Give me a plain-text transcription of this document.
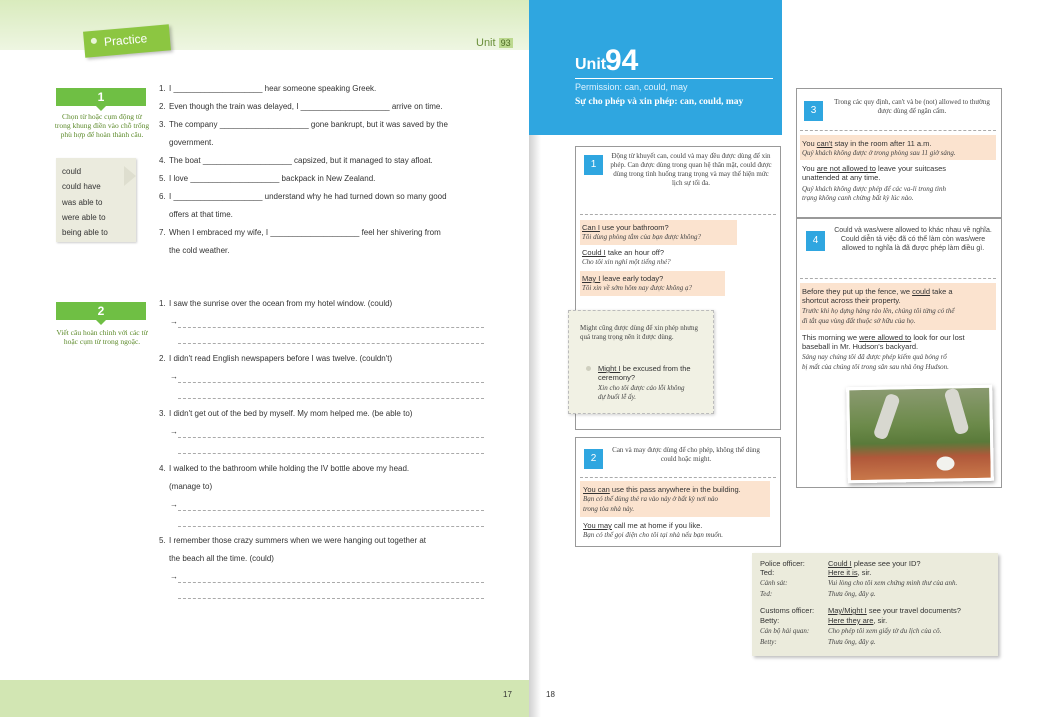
Practice	Unit 93
1
Chọn từ hoặc cụm động từ trong khung điền vào chỗ trống phù hợp để hoàn thành câu.
could
could have
was able to
were able to
being able to
1. I ____________________ hear someone speaking Greek.
2. Even though the train was delayed, I ____________________ arrive on time.
3. The company ____________________ gone bankrupt, but it was saved by the
government.
4. The boat ____________________ capsized, but it managed to stay afloat.
5. I love ____________________ backpack in New Zealand.
6. I ____________________ understand why he had turned down so many good
offers at that time.
7. When I embraced my wife, I ____________________ feel her shivering from
the cold weather.
2
Viết câu hoàn chỉnh với các từ hoặc cụm từ trong ngoặc.
1. I saw the sunrise over the ocean from my hotel window. (could)
→
2. I didn't read English newspapers before I was twelve. (couldn't)
→
3. I didn't get out of the bed by myself. My mom helped me. (be able to)
→
4. I walked to the bathroom while holding the IV bottle above my head.
(manage to)
→
5. I remember those crazy summers when we were hanging out together at
the beach all the time. (could)
→
17	18
Unit
94
Permission: can, could, may
Sự cho phép và xin phép: can, could, may
1
Động từ khuyết can, could và may đều được dùng để xin phép. Can được dùng trong quan hệ thân mật, could được dùng trong tình huống trang trọng và may thể hiện mức lịch sự tối đa.
Can I use your bathroom?
Tôi dùng phòng tắm của bạn được không?
Could I take an hour off?
Cho tôi xin nghỉ một tiếng nhé?
May I leave early today?
Tôi xin về sớm hôm nay được không ạ?
Might cũng được dùng để xin phép nhưng quá trang trọng nên ít được dùng.
Might I be excused from the
ceremony?
Xin cho tôi được cáo lỗi không
dự buổi lễ ấy.
2
Can và may được dùng để cho phép, không thể dùng could hoặc might.
You can use this pass anywhere in the building.
Bạn có thể dùng thẻ ra vào này ở bất kỳ nơi nào
trong tòa nhà này.
You may call me at home if you like.
Bạn có thể gọi điện cho tôi tại nhà nếu bạn muốn.
3
Trong các quy định, can't và be (not) allowed to thường được dùng để ngăn cấm.
You can't stay in the room after 11 a.m.
Quý khách không được ở trong phòng sau 11 giờ sáng.
You are not allowed to leave your suitcases
unattended at any time.
Quý khách không được phép để các va-li trong tình
trạng không canh chừng bất kỳ lúc nào.
4
Could và was/were allowed to khác nhau về nghĩa. Could diễn tả việc đã có thể làm còn was/were allowed to nghĩa là đã được phép làm điều gì.
Before they put up the fence, we could take a
shortcut across their property.
Trước khi họ dựng hàng rào lên, chúng tôi từng có thể
đi tắt qua vùng đất thuộc sở hữu của họ.
This morning we were allowed to look for our lost
baseball in Mr. Hudson's backyard.
Sáng nay chúng tôi đã được phép kiếm quả bóng rổ
bị mất của chúng tôi trong sân sau nhà ông Hudson.
Police officer:	Could I please see your ID?
Ted:	Here it is, sir.
Cảnh sát:	Vui lòng cho tôi xem chứng minh thư của anh.
Ted:	Thưa ông, đây ạ.
Customs officer: May/Might I see your travel documents?
Betty:	Here they are, sir.
Cán bộ hải quan:	Cho phép tôi xem giấy tờ du lịch của cô.
Betty:	Thưa ông, đây ạ.
